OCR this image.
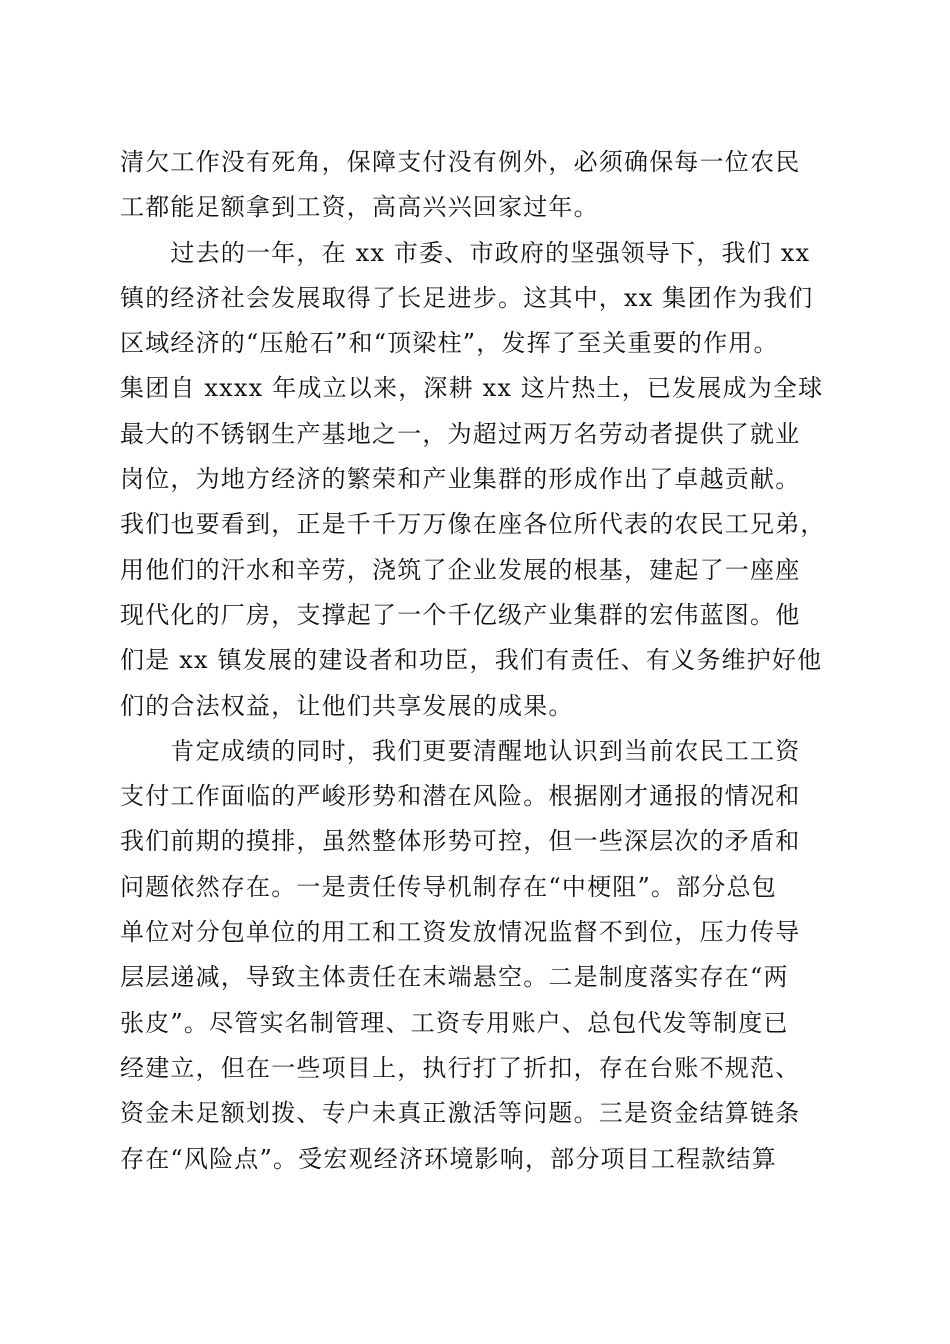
清欠工作没有死角，保障支付没有例外，必须确保每一位农民
工都能足额拿到工资，高高兴兴回家过年。
　　过去的一年，在 xx 市委、市政府的坚强领导下，我们 xx
镇的经济社会发展取得了长足进步。这其中，xx 集团作为我们
区域经济的“压舱石”和“顶梁柱”，发挥了至关重要的作用。
集团自 xxxx 年成立以来，深耕 xx 这片热土，已发展成为全球
最大的不锈钢生产基地之一，为超过两万名劳动者提供了就业
岗位，为地方经济的繁荣和产业集群的形成作出了卓越贡献。
我们也要看到，正是千千万万像在座各位所代表的农民工兄弟，
用他们的汗水和辛劳，浇筑了企业发展的根基，建起了一座座
现代化的厂房，支撑起了一个千亿级产业集群的宏伟蓝图。他
们是 xx 镇发展的建设者和功臣，我们有责任、有义务维护好他
们的合法权益，让他们共享发展的成果。
　　肯定成绩的同时，我们更要清醒地认识到当前农民工工资
支付工作面临的严峻形势和潜在风险。根据刚才通报的情况和
我们前期的摸排，虽然整体形势可控，但一些深层次的矛盾和
问题依然存在。一是责任传导机制存在“中梗阻”。部分总包
单位对分包单位的用工和工资发放情况监督不到位，压力传导
层层递减，导致主体责任在末端悬空。二是制度落实存在“两
张皮”。尽管实名制管理、工资专用账户、总包代发等制度已
经建立，但在一些项目上，执行打了折扣，存在台账不规范、
资金未足额划拨、专户未真正激活等问题。三是资金结算链条
存在“风险点”。受宏观经济环境影响，部分项目工程款结算
